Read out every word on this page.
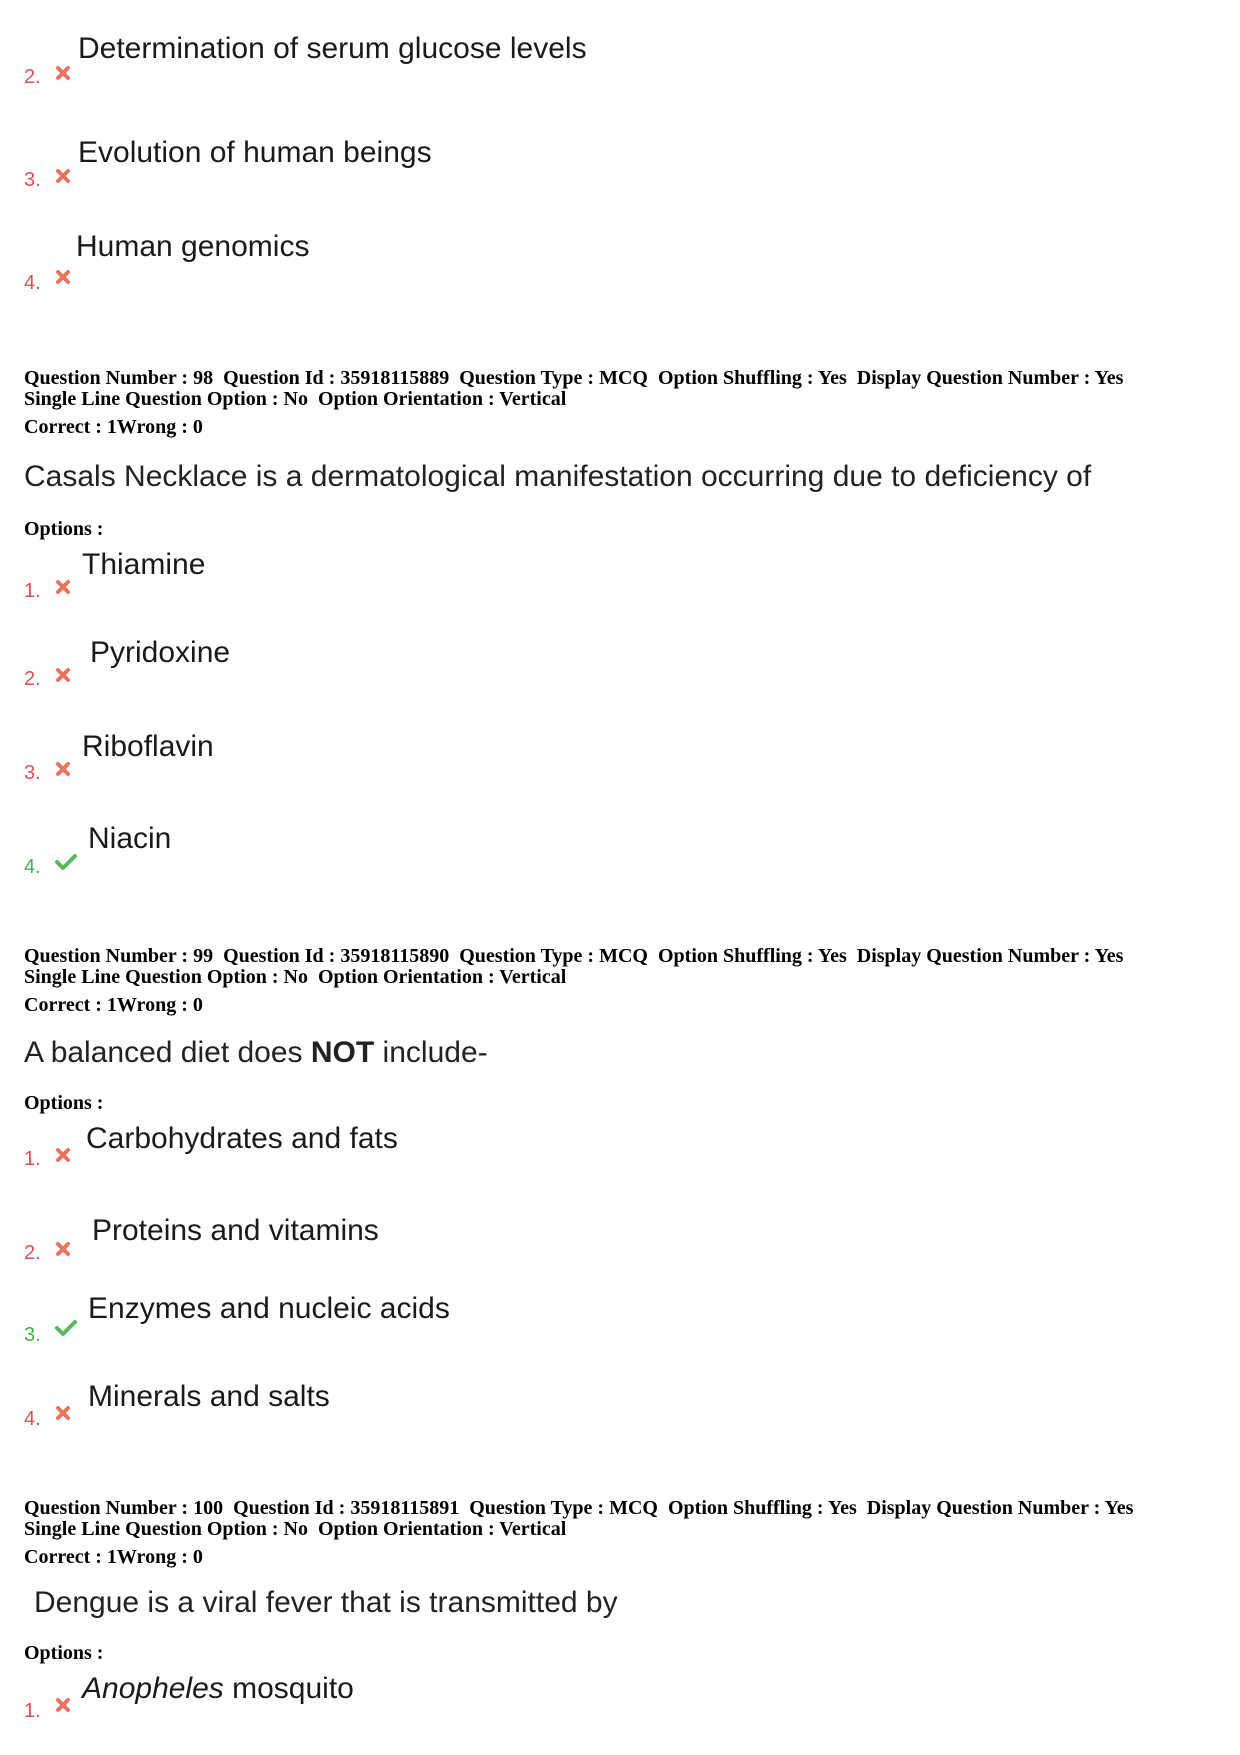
2.
Determination of serum glucose levels
3.
Evolution of human beings
4.
Human genomics
Question Number : 98 Question Id : 35918115889 Question Type : MCQ Option Shuffling : Yes Display Question Number : Yes
Single Line Question Option : No Option Orientation : Vertical
Correct : 1Wrong : 0
Casals Necklace is a dermatological manifestation occurring due to deficiency of
Options :
1.
Thiamine
2.
Pyridoxine
3.
Riboflavin
4.
Niacin
Question Number : 99 Question Id : 35918115890 Question Type : MCQ Option Shuffling : Yes Display Question Number : Yes
Single Line Question Option : No Option Orientation : Vertical
Correct : 1Wrong : 0
A balanced diet does NOT include-
Options :
1.
Carbohydrates and fats
2.
Proteins and vitamins
3.
Enzymes and nucleic acids
4.
Minerals and salts
Question Number : 100 Question Id : 35918115891 Question Type : MCQ Option Shuffling : Yes Display Question Number : Yes
Single Line Question Option : No Option Orientation : Vertical
Correct : 1Wrong : 0
Dengue is a viral fever that is transmitted by
Options :
1.
Anopheles mosquito
